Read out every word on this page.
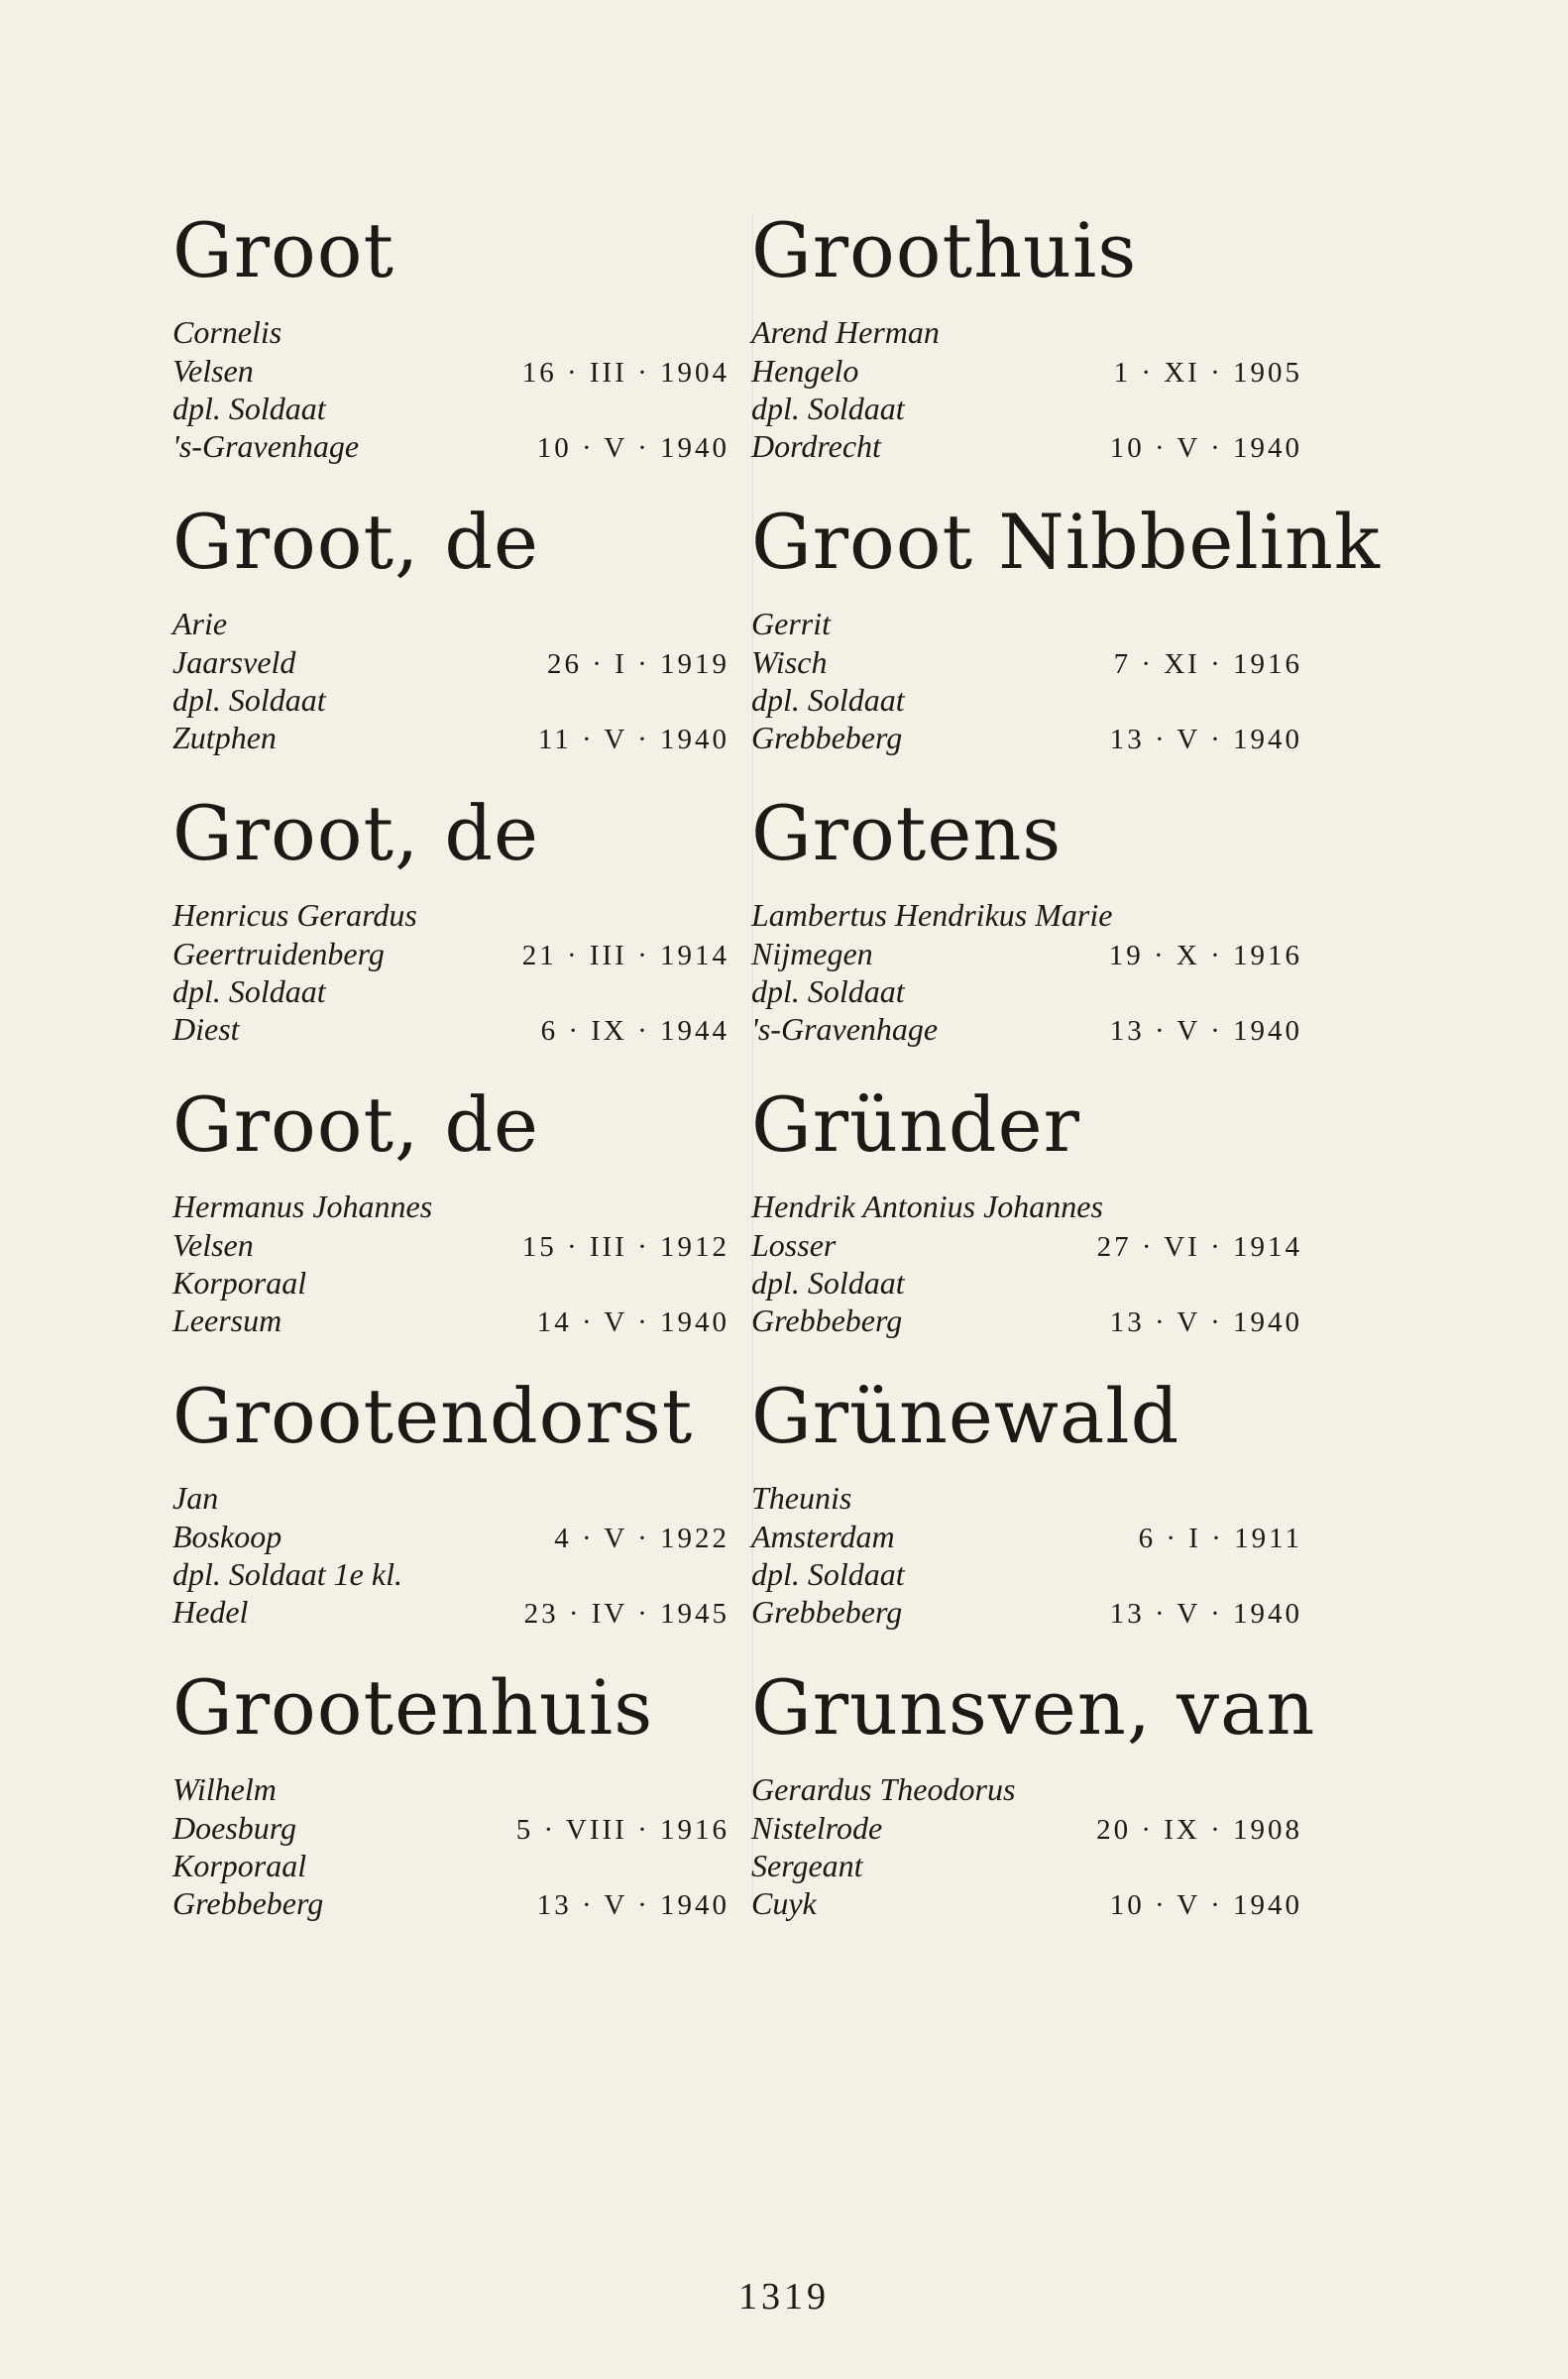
Groot
Cornelis
Velsen	16 · III · 1904
dpl. Soldaat
's-Gravenhage	10 · V · 1940
Groot, de
Arie
Jaarsveld	26 · I · 1919
dpl. Soldaat
Zutphen	11 · V · 1940
Groot, de
Henricus Gerardus
Geertruidenberg	21 · III · 1914
dpl. Soldaat
Diest	6 · IX · 1944
Groot, de
Hermanus Johannes
Velsen	15 · III · 1912
Korporaal
Leersum	14 · V · 1940
Grootendorst
Jan
Boskoop	4 · V · 1922
dpl. Soldaat 1e kl.
Hedel	23 · IV · 1945
Grootenhuis
Wilhelm
Doesburg	5 · VIII · 1916
Korporaal
Grebbeberg	13 · V · 1940
Groothuis
Arend Herman
Hengelo	1 · XI · 1905
dpl. Soldaat
Dordrecht	10 · V · 1940
Groot Nibbelink
Gerrit
Wisch	7 · XI · 1916
dpl. Soldaat
Grebbeberg	13 · V · 1940
Grotens
Lambertus Hendrikus Marie
Nijmegen	19 · X · 1916
dpl. Soldaat
's-Gravenhage	13 · V · 1940
Gründer
Hendrik Antonius Johannes
Losser	27 · VI · 1914
dpl. Soldaat
Grebbeberg	13 · V · 1940
Grünewald
Theunis
Amsterdam	6 · I · 1911
dpl. Soldaat
Grebbeberg	13 · V · 1940
Grunsven, van
Gerardus Theodorus
Nistelrode	20 · IX · 1908
Sergeant
Cuyk	10 · V · 1940
1319
